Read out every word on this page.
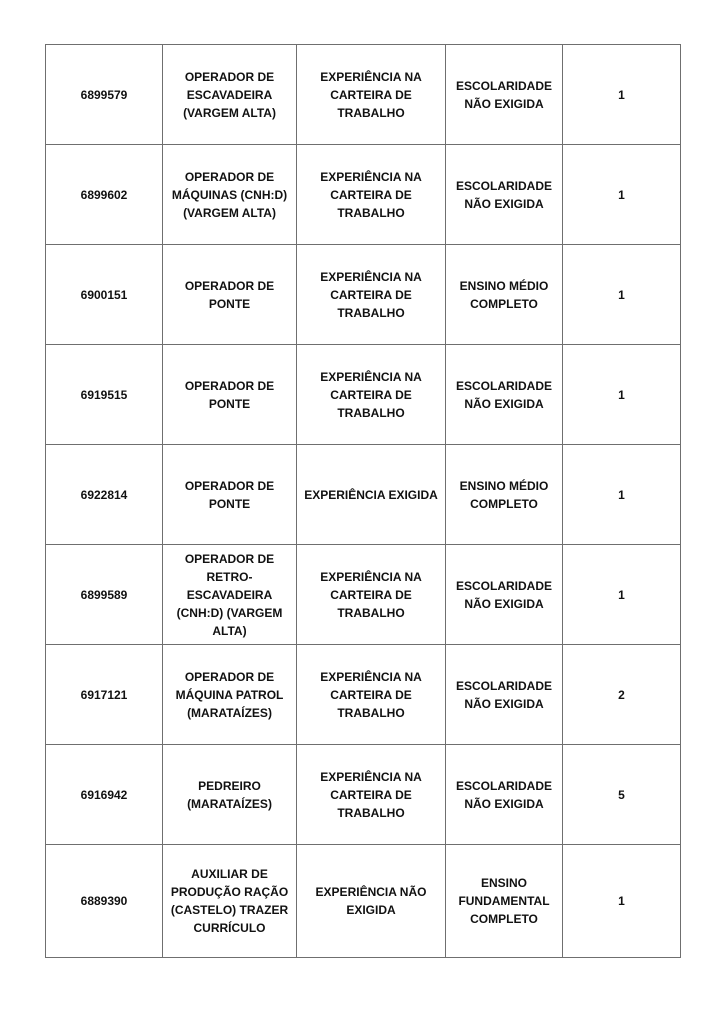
6899579	OPERADOR DE
ESCAVADEIRA
(VARGEM ALTA)	EXPERIÊNCIA NA
CARTEIRA DE
TRABALHO	ESCOLARIDADE
NÃO EXIGIDA	1
6899602	OPERADOR DE
MÁQUINAS (CNH:D)
(VARGEM ALTA)	EXPERIÊNCIA NA
CARTEIRA DE
TRABALHO	ESCOLARIDADE
NÃO EXIGIDA	1
6900151	OPERADOR DE
PONTE	EXPERIÊNCIA NA
CARTEIRA DE
TRABALHO	ENSINO MÉDIO
COMPLETO	1
6919515	OPERADOR DE
PONTE	EXPERIÊNCIA NA
CARTEIRA DE
TRABALHO	ESCOLARIDADE
NÃO EXIGIDA	1
6922814	OPERADOR DE
PONTE	EXPERIÊNCIA EXIGIDA	ENSINO MÉDIO
COMPLETO	1
6899589	OPERADOR DE RETRO-
ESCAVADEIRA
(CNH:D) (VARGEM
ALTA)	EXPERIÊNCIA NA
CARTEIRA DE
TRABALHO	ESCOLARIDADE
NÃO EXIGIDA	1
6917121	OPERADOR DE
MÁQUINA PATROL
(MARATAÍZES)	EXPERIÊNCIA NA
CARTEIRA DE
TRABALHO	ESCOLARIDADE
NÃO EXIGIDA	2
6916942	PEDREIRO
(MARATAÍZES)	EXPERIÊNCIA NA
CARTEIRA DE
TRABALHO	ESCOLARIDADE
NÃO EXIGIDA	5
6889390	AUXILIAR DE
PRODUÇÃO RAÇÃO
(CASTELO) TRAZER
CURRÍCULO	EXPERIÊNCIA NÃO
EXIGIDA	ENSINO
FUNDAMENTAL
COMPLETO	1
